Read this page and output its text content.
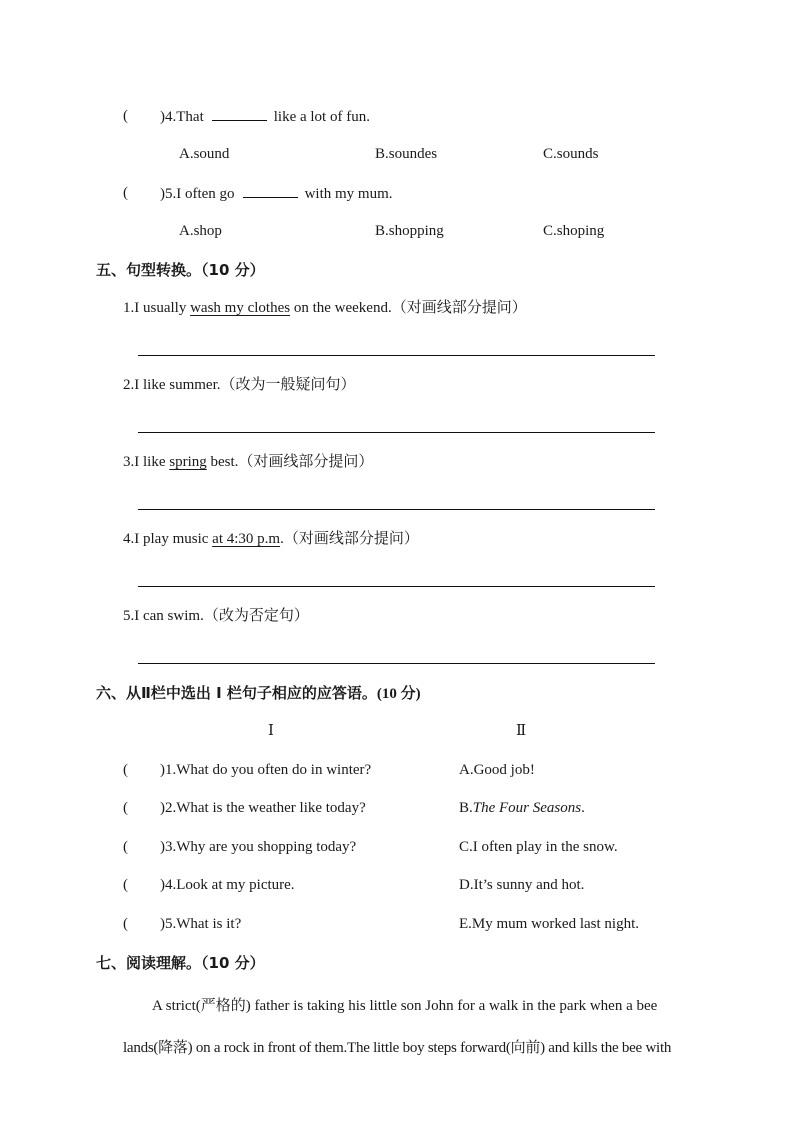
( )4.That	like a lot of fun.
A.sound	B.soundes	C.sounds
( )5.I often go	with my mum.
A.shop	B.shopping	C.shoping
五、句型转换。（10 分）
1.I usually wash my clothes on the weekend.（对画线部分提问）
2.I like summer.（改为一般疑问句）
3.I like spring best.（对画线部分提问）
4.I play music at 4:30 p.m.（对画线部分提问）
5.I can swim.（改为否定句）
六、从Ⅱ栏中选出 I 栏句子相应的应答语。(10 分)
Ⅰ	Ⅱ
( )1.What do you often do in winter?	A.Good job!
( )2.What is the weather like today?	B.The Four Seasons.
( )3.Why are you shopping today?	C.I often play in the snow.
( )4.Look at my picture.	D.It’s sunny and hot.
( )5.What is it?	E.My mum worked last night.
七、阅读理解。（10 分）
A strict(严格的) father is taking his little son John for a walk in the park when a bee
lands(降落) on a rock in front of them.The little boy steps forward(向前) and kills the bee with
